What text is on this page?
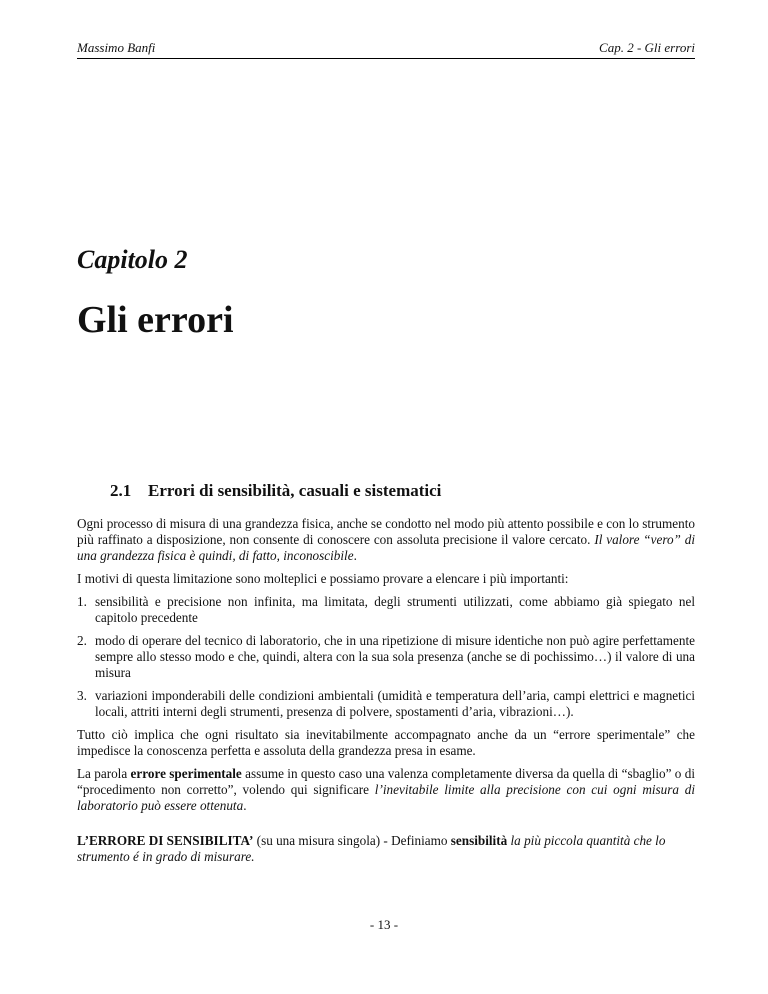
Massimo Banfi	Cap. 2 - Gli errori
Capitolo 2
Gli errori
2.1 Errori di sensibilità, casuali e sistematici

Ogni processo di misura di una grandezza fisica, anche se condotto nel modo più attento possibile e con lo strumento più raffinato a disposizione, non consente di conoscere con assoluta precisione il valore cercato. Il valore “vero” di una grandezza fisica è quindi, di fatto, inconoscibile.

I motivi di questa limitazione sono molteplici e possiamo provare a elencare i più importanti:

1. sensibilità e precisione non infinita, ma limitata, degli strumenti utilizzati, come abbiamo già spiegato nel capitolo precedente
2. modo di operare del tecnico di laboratorio, che in una ripetizione di misure identiche non può agire perfettamente sempre allo stesso modo e che, quindi, altera con la sua sola presenza (anche se di pochissimo…) il valore di una misura
3. variazioni imponderabili delle condizioni ambientali (umidità e temperatura dell’aria, campi elettrici e magnetici locali, attriti interni degli strumenti, presenza di polvere, spostamenti d’aria, vibrazioni…).

Tutto ciò implica che ogni risultato sia inevitabilmente accompagnato anche da un “errore sperimentale” che impedisce la conoscenza perfetta e assoluta della grandezza presa in esame.

La parola errore sperimentale assume in questo caso una valenza completamente diversa da quella di “sbaglio” o di “procedimento non corretto”, volendo qui significare l’inevitabile limite alla precisione con cui ogni misura di laboratorio può essere ottenuta.

L’ERRORE DI SENSIBILITA’ (su una misura singola) - Definiamo sensibilità la più piccola quantità che lo strumento é in grado di misurare.

- 13 -
